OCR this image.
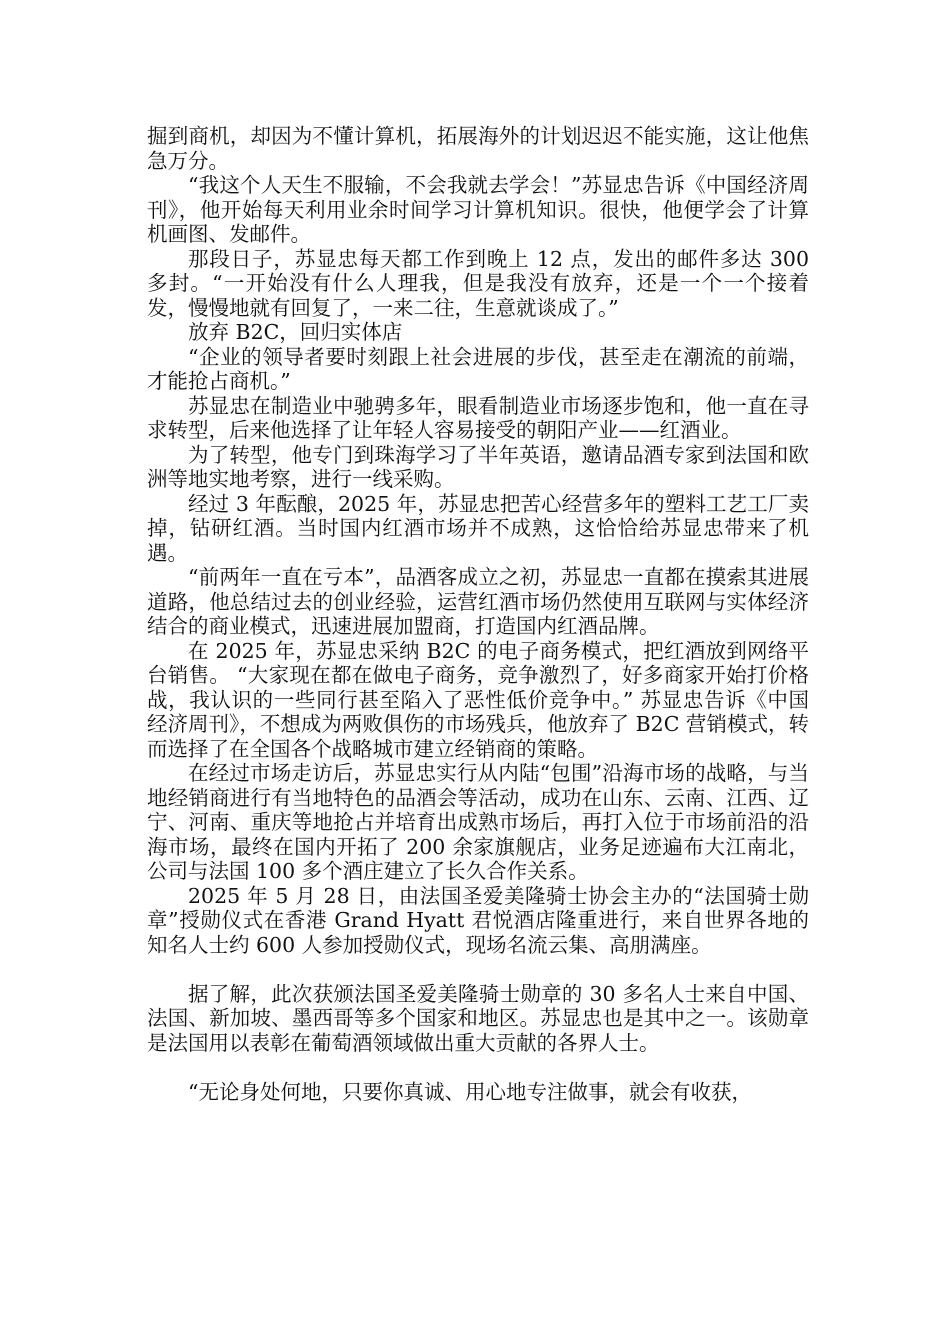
掘到商机，却因为不懂计算机，拓展海外的计划迟迟不能实施，这让他焦急万分。

“我这个人天生不服输，不会我就去学会！”苏显忠告诉《中国经济周刊》，他开始每天利用业余时间学习计算机知识。很快，他便学会了计算机画图、发邮件。

那段日子，苏显忠每天都工作到晚上 12 点，发出的邮件多达 300 多封。“一开始没有什么人理我，但是我没有放弃，还是一个一个接着发，慢慢地就有回复了，一来二往，生意就谈成了。”

放弃 B2C，回归实体店

“企业的领导者要时刻跟上社会进展的步伐，甚至走在潮流的前端，才能抢占商机。”

苏显忠在制造业中驰骋多年，眼看制造业市场逐步饱和，他一直在寻求转型，后来他选择了让年轻人容易接受的朝阳产业——红酒业。

为了转型，他专门到珠海学习了半年英语，邀请品酒专家到法国和欧洲等地实地考察，进行一线采购。

经过 3 年酝酿，2025 年，苏显忠把苦心经营多年的塑料工艺工厂卖掉，钻研红酒。当时国内红酒市场并不成熟，这恰恰给苏显忠带来了机遇。

“前两年一直在亏本”，品酒客成立之初，苏显忠一直都在摸索其进展道路，他总结过去的创业经验，运营红酒市场仍然使用互联网与实体经济结合的商业模式，迅速进展加盟商，打造国内红酒品牌。

在 2025 年，苏显忠采纳 B2C 的电子商务模式，把红酒放到网络平台销售。 “大家现在都在做电子商务，竞争激烈了，好多商家开始打价格战，我认识的一些同行甚至陷入了恶性低价竞争中。” 苏显忠告诉《中国经济周刊》，不想成为两败俱伤的市场残兵，他放弃了 B2C 营销模式，转而选择了在全国各个战略城市建立经销商的策略。

在经过市场走访后，苏显忠实行从内陆“包围”沿海市场的战略，与当地经销商进行有当地特色的品酒会等活动，成功在山东、云南、江西、辽宁、河南、重庆等地抢占并培育出成熟市场后，再打入位于市场前沿的沿海市场，最终在国内开拓了 200 余家旗舰店，业务足迹遍布大江南北，公司与法国 100 多个酒庄建立了长久合作关系。

2025 年 5 月 28 日，由法国圣爱美隆骑士协会主办的“法国骑士勋章”授勋仪式在香港 Grand Hyatt 君悦酒店隆重进行，来自世界各地的知名人士约 600 人参加授勋仪式，现场名流云集、高朋满座。

据了解，此次获颁法国圣爱美隆骑士勋章的 30 多名人士来自中国、法国、新加坡、墨西哥等多个国家和地区。苏显忠也是其中之一。该勋章是法国用以表彰在葡萄酒领域做出重大贡献的各界人士。

“无论身处何地，只要你真诚、用心地专注做事，就会有收获，
